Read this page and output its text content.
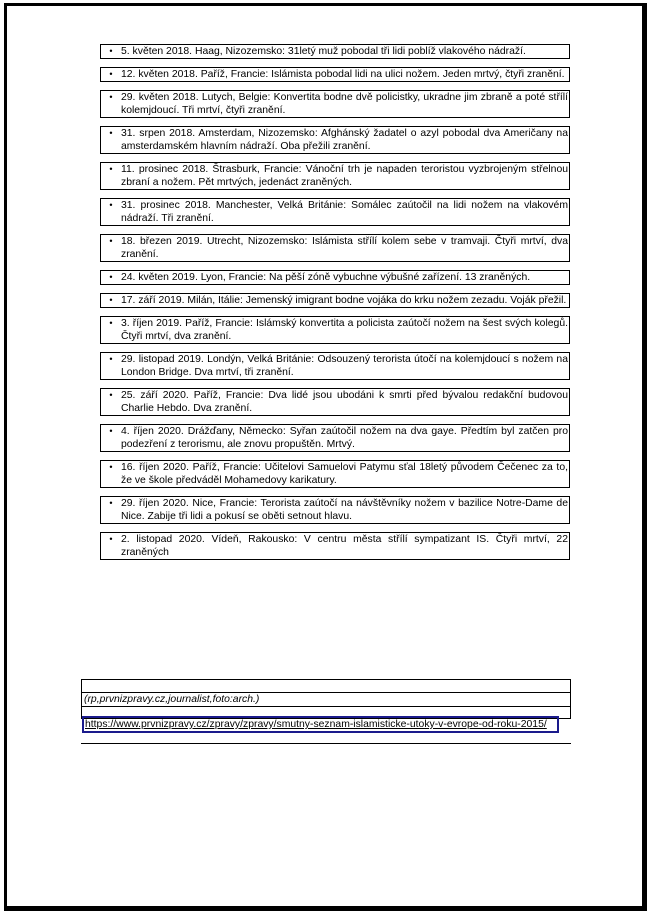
• 5. květen 2018. Haag, Nizozemsko: 31letý muž pobodal tři lidi poblíž vlakového nádraží.
• 12. květen 2018. Paříž, Francie: Islámista pobodal lidi na ulici nožem. Jeden mrtvý, čtyři zranění.
• 29. květen 2018. Lutych, Belgie: Konvertita bodne dvě policistky, ukradne jim zbraně a poté střílí kolemjdoucí. Tři mrtví, čtyři zranění.
• 31. srpen 2018. Amsterdam, Nizozemsko: Afghánský žadatel o azyl pobodal dva Američany na amsterdamském hlavním nádraží. Oba přežili zranění.
• 11. prosinec 2018. Štrasburk, Francie: Vánoční trh je napaden teroristou vyzbrojeným střelnou zbraní a nožem. Pět mrtvých, jedenáct zraněných.
• 31. prosinec 2018. Manchester, Velká Británie: Somálec zaútočil na lidi nožem na vlakovém nádraží. Tři zranění.
• 18. březen 2019. Utrecht, Nizozemsko: Islámista střílí kolem sebe v tramvaji. Čtyři mrtví, dva zranění.
• 24. květen 2019. Lyon, Francie: Na pěší zóně vybuchne výbušné zařízení. 13 zraněných.
• 17. září 2019. Milán, Itálie: Jemenský imigrant bodne vojáka do krku nožem zezadu. Voják přežil.
• 3. říjen 2019. Paříž, Francie: Islámský konvertita a policista zaútočí nožem na šest svých kolegů. Čtyři mrtví, dva zranění.
• 29. listopad 2019. Londýn, Velká Británie: Odsouzený terorista útočí na kolemjdoucí s nožem na London Bridge. Dva mrtví, tři zranění.
• 25. září 2020. Paříž, Francie: Dva lidé jsou ubodáni k smrti před bývalou redakční budovou Charlie Hebdo. Dva zranění.
• 4. říjen 2020. Drážďany, Německo: Syřan zaútočil nožem na dva gaye. Předtím byl zatčen pro podezření z terorismu, ale znovu propuštěn. Mrtvý.
• 16. říjen 2020. Paříž, Francie: Učitelovi Samuelovi Patymu sťal 18letý původem Čečenec za to, že ve škole předváděl Mohamedovy karikatury.
• 29. říjen 2020. Nice, Francie: Terorista zaútočí na návštěvníky nožem v bazilice Notre-Dame de Nice. Zabije tři lidi a pokusí se oběti setnout hlavu.
• 2. listopad 2020. Vídeň, Rakousko: V centru města střílí sympatizant IS. Čtyři mrtví, 22 zraněných
(rp,prvnizpravy.cz,journalist,foto:arch.)
https://www.prvnizpravy.cz/zpravy/zpravy/smutny-seznam-islamisticke-utoky-v-evrope-od-roku-2015/
